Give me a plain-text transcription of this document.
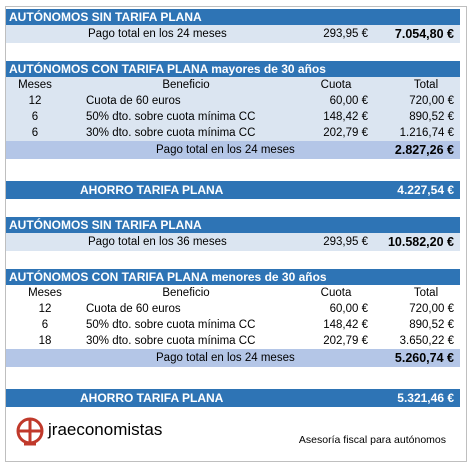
AUTÓNOMOS SIN TARIFA PLANA
Pago total en los 24 meses	293,95 €	7.054,80 €
AUTÓNOMOS CON TARIFA PLANA mayores de 30 años
Meses	Beneficio	Cuota	Total
12	Cuota de 60 euros	60,00 €	720,00 €
6	50% dto. sobre cuota mínima CC	148,42 €	890,52 €
6	30% dto. sobre cuota mínima CC	202,79 €	1.216,74 €
Pago total en los 24 meses	2.827,26 €
AHORRO TARIFA PLANA	4.227,54 €
AUTÓNOMOS SIN TARIFA PLANA
Pago total en los 36 meses	293,95 €	10.582,20 €
AUTÓNOMOS CON TARIFA PLANA menores de 30 años
Meses	Beneficio	Cuota	Total
12	Cuota de 60 euros	60,00 €	720,00 €
6	50% dto. sobre cuota mínima CC	148,42 €	890,52 €
18	30% dto. sobre cuota mínima CC	202,79 €	3.650,22 €
Pago total en los 24 meses	5.260,74 €
AHORRO TARIFA PLANA	5.321,46 €
jraeconomistas
Asesoría fiscal para autónomos
